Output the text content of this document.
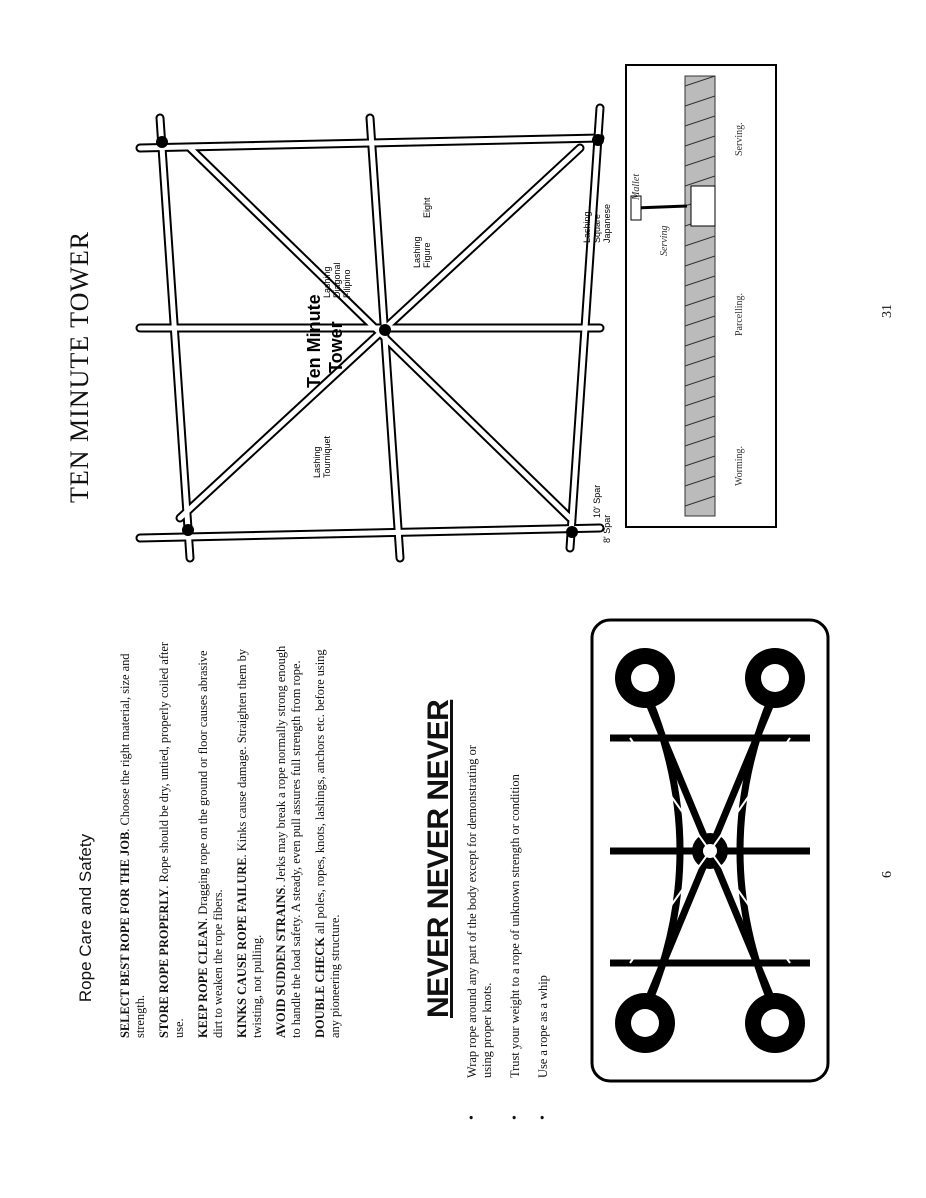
Rope Care and Safety SELECT BEST ROPE FOR THE JOB. Choose the right material, size and strength. STORE ROPE PROPERLY. Rope should be dry, untied, properly coiled after use. KEEP ROPE CLEAN. Dragging rope on the ground or floor causes abrasive dirt to weaken the rope fibers. KINKS CAUSE ROPE FAILURE. Kinks cause damage. Straighten them by twisting, not pulling. AVOID SUDDEN STRAINS. Jerks may break a rope normally strong enough to handle the load safety. A steady, even pull assures full strength from rope. DOUBLE CHECK all poles, ropes, knots, lashings, anchors etc. before using any pioneering structure.	NEVER NEVER NEVER • Wrap rope around any part of the body except for demonstrating or using proper knots. • Trust your weight to a rope of unknown strength or condition • Use a rope as a whip
6
TEN MINUTE TOWER	10' Spar
8' Spar
Japanese
Square
Lashing
Figure
Lashing
Eight
Filipino
Diagonal
Lashing
Tourniquet
Lashing
Ten Minute Tower
Mallet
Serving
Worming.
Parcelling.
Serving.
31
